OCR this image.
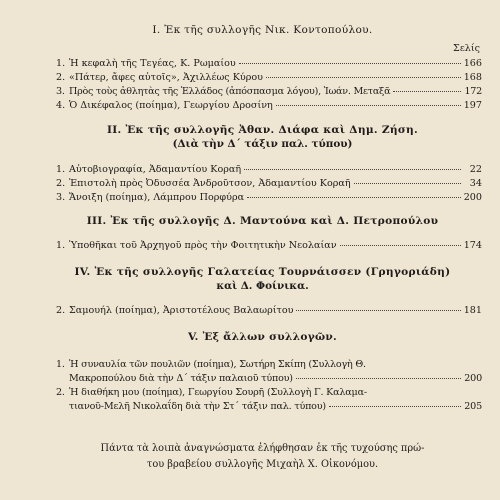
I. Ἐκ τῆς συλλογῆς Νικ. Κοντοπούλου.
Σελίς
1. Ἡ κεφαλὴ τῆς Τεγέας, Κ. Ρωμαίου	166
2. «Πάτερ, ἄφες αὐτοῖς», Ἀχιλλέως Κύρου	168
3. Πρὸς τοὺς ἀθλητὰς τῆς Ἑλλάδος (ἀπόσπασμα λόγου), Ἰωάν. Μεταξᾶ	172
4. Ὁ Δικέφαλος (ποίημα), Γεωργίου Δροσίνη	197
II. Ἐκ τῆς συλλογῆς Ἀθαν. Διάφα καὶ Δημ. Ζήση.
(Διὰ τὴν Δ΄ τάξιν παλ. τύπου)
1. Αὐτοβιογραφία, Ἀδαμαντίου Κοραῆ	22
2. Ἐπιστολὴ πρὸς Ὀδυσσέα Ἀνδροῦτσον, Ἀδαμαντίου Κοραῆ	34
3. Ἄνοιξη (ποίημα), Λάμπρου Πορφύρα	200
III. Ἐκ τῆς συλλογῆς Δ. Μαντούνα καὶ Δ. Πετροπούλου
1. Ὑποθῆκαι τοῦ Ἀρχηγοῦ πρὸς τὴν Φοιτητικὴν Νεολαίαν	174
IV. Ἐκ τῆς συλλογῆς Γαλατείας Τουρνάισσεν (Γρηγοριάδη)
καὶ Δ. Φοίνικα.
2. Σαμουήλ (ποίημα), Ἀριστοτέλους Βαλαωρίτου	181
V. Ἐξ ἄλλων συλλογῶν.
1. Ἡ συναυλία τῶν πουλιῶν (ποίημα), Σωτήρη Σκίπη (Συλλογὴ Θ.
Μακροπούλου διὰ τὴν Δ΄ τάξιν παλαιοῦ τύπου)	200
2. Ἡ διαθήκη μου (ποίημα), Γεωργίου Σουρῆ (Συλλογὴ Γ. Καλαμα-
τιανοῦ-Μελῆ Νικολαΐδη διὰ τὴν Στ΄ τάξιν παλ. τύπου)	205
Πάντα τὰ λοιπὰ ἀναγνώσματα ἐλήφθησαν ἐκ τῆς τυχούσης πρώ-
του βραβείου συλλογῆς Μιχαὴλ Χ. Οἰκονόμου.
